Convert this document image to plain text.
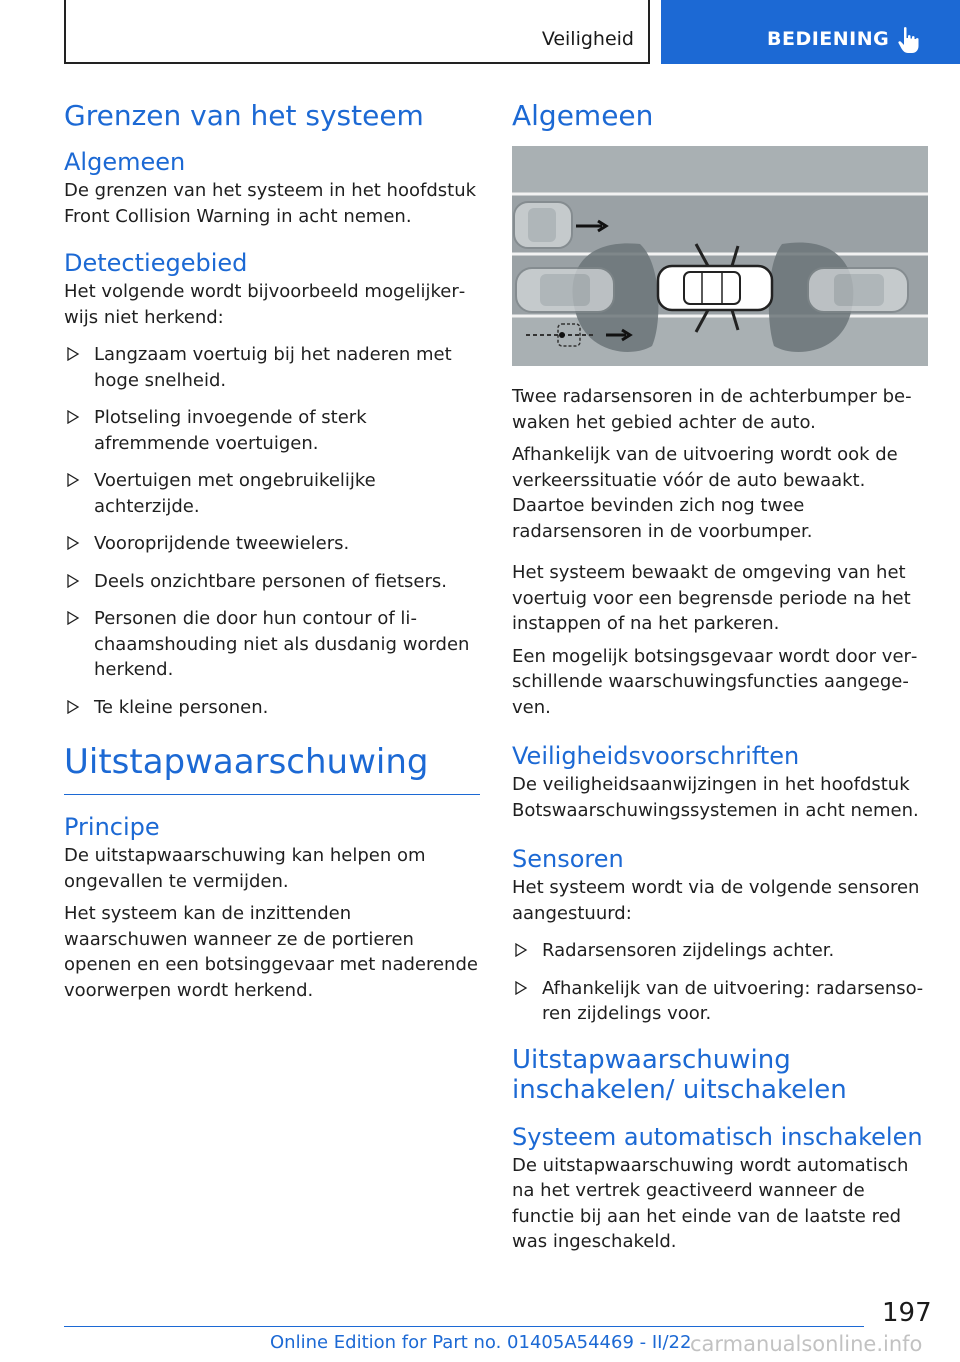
Veiligheid	BEDIENING
Grenzen van het systeem
Algemeen

De grenzen van het systeem in het hoofdstuk Front Collision Warning in acht nemen.

Detectiegebied

Het volgende wordt bijvoorbeeld mogelijkerwijs niet herkend:

Langzaam voertuig bij het naderen met hoge snelheid.
Plotseling invoegende of sterk afremmende voertuigen.
Voertuigen met ongebruikelijke achterzijde.
Vooroprijdende tweewielers.
Deels onzichtbare personen of fietsers.
Personen die door hun contour of lichaamshouding niet als dusdanig worden herkend.
Te kleine personen.
Uitstapwaarschuwing
Principe

De uitstapwaarschuwing kan helpen om ongevallen te vermijden.

Het systeem kan de inzittenden waarschuwen wanneer ze de portieren openen en een botsinggevaar met naderende voorwerpen wordt herkend.

Algemeen

Twee radarsensoren in de achterbumper bewaken het gebied achter de auto.

Afhankelijk van de uitvoering wordt ook de verkeerssituatie vóór de auto bewaakt. Daartoe bevinden zich nog twee radarsensoren in de voorbumper.

Het systeem bewaakt de omgeving van het voertuig voor een begrensde periode na het instappen of na het parkeren.

Een mogelijk botsingsgevaar wordt door verschillende waarschuwingsfuncties aangegeven.

Veiligheidsvoorschriften

De veiligheidsaanwijzingen in het hoofdstuk Botswaarschuwingssystemen in acht nemen.

Sensoren

Het systeem wordt via de volgende sensoren aangestuurd:

Radarsensoren zijdelings achter.
Afhankelijk van de uitvoering: radarsensoren zijdelings voor.
Uitstapwaarschuwing inschakelen/ uitschakelen
Systeem automatisch inschakelen

De uitstapwaarschuwing wordt automatisch na het vertrek geactiveerd wanneer de functie bij aan het einde van de laatste red was ingeschakeld.

197
Online Edition for Part no. 01405A54469 - II/22
carmanualsonline.info
